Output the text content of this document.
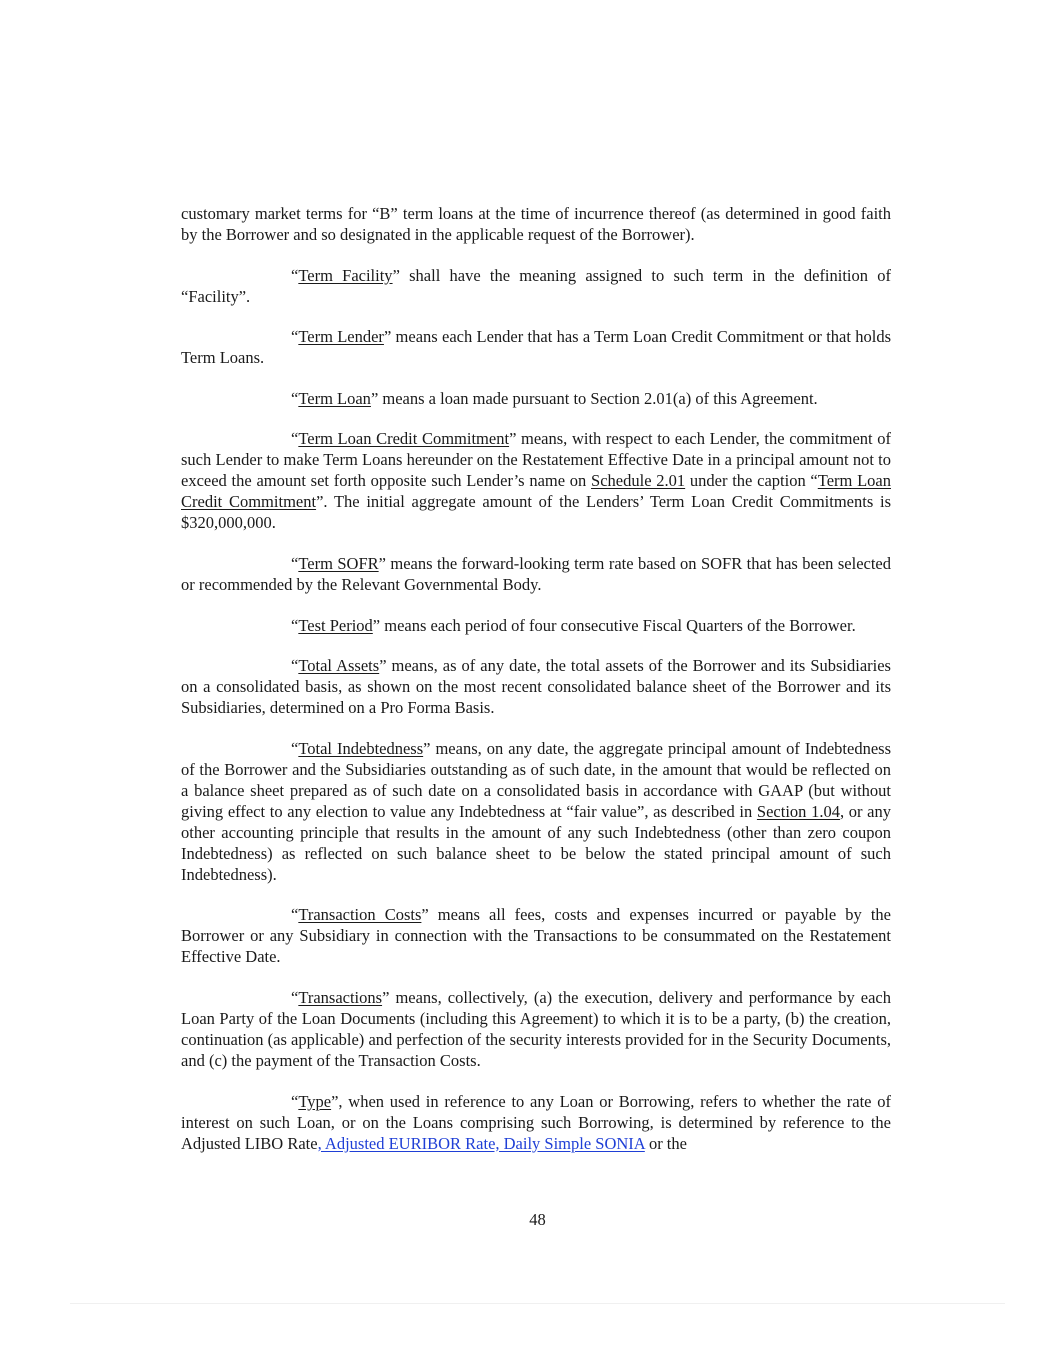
customary market terms for “B” term loans at the time of incurrence thereof (as determined in good faith by the Borrower and so designated in the applicable request of the Borrower).

“Term Facility” shall have the meaning assigned to such term in the definition of “Facility”.

“Term Lender” means each Lender that has a Term Loan Credit Commitment or that holds Term Loans.

“Term Loan” means a loan made pursuant to Section 2.01(a) of this Agreement.

“Term Loan Credit Commitment” means, with respect to each Lender, the commitment of such Lender to make Term Loans hereunder on the Restatement Effective Date in a principal amount not to exceed the amount set forth opposite such Lender’s name on Schedule 2.01 under the caption “Term Loan Credit Commitment”. The initial aggregate amount of the Lenders’ Term Loan Credit Commitments is $320,000,000.

“Term SOFR” means the forward-looking term rate based on SOFR that has been selected or recommended by the Relevant Governmental Body.

“Test Period” means each period of four consecutive Fiscal Quarters of the Borrower.

“Total Assets” means, as of any date, the total assets of the Borrower and its Subsidiaries on a consolidated basis, as shown on the most recent consolidated balance sheet of the Borrower and its Subsidiaries, determined on a Pro Forma Basis.

“Total Indebtedness” means, on any date, the aggregate principal amount of Indebtedness of the Borrower and the Subsidiaries outstanding as of such date, in the amount that would be reflected on a balance sheet prepared as of such date on a consolidated basis in accordance with GAAP (but without giving effect to any election to value any Indebtedness at “fair value”, as described in Section 1.04, or any other accounting principle that results in the amount of any such Indebtedness (other than zero coupon Indebtedness) as reflected on such balance sheet to be below the stated principal amount of such Indebtedness).

“Transaction Costs” means all fees, costs and expenses incurred or payable by the Borrower or any Subsidiary in connection with the Transactions to be consummated on the Restatement Effective Date.

“Transactions” means, collectively, (a) the execution, delivery and performance by each Loan Party of the Loan Documents (including this Agreement) to which it is to be a party, (b) the creation, continuation (as applicable) and perfection of the security interests provided for in the Security Documents, and (c) the payment of the Transaction Costs.

“Type”, when used in reference to any Loan or Borrowing, refers to whether the rate of interest on such Loan, or on the Loans comprising such Borrowing, is determined by reference to the Adjusted LIBO Rate, Adjusted EURIBOR Rate, Daily Simple SONIA or the

48
